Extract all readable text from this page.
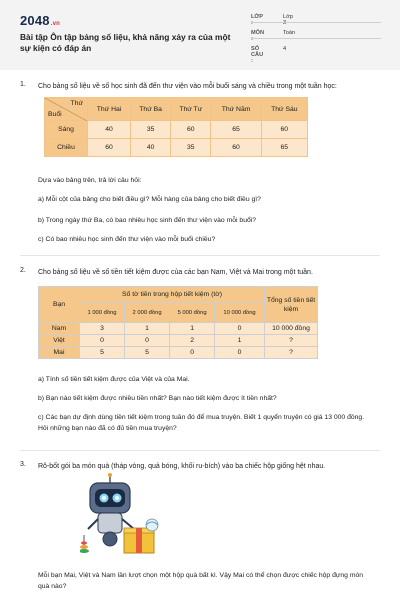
2048.vn
Bài tập Ôn tập bảng số liệu, khả năng xảy ra của một sự kiện có đáp án
LỚP :
Lớp 3
MÔN :
Toán
SỐ CÂU :
4
1. Cho bảng số liệu về số học sinh đã đến thư viện vào mỗi buổi sáng và chiều trong một tuần học:
Thứ
Buổi	Thứ Hai	Thứ Ba	Thứ Tư	Thứ Năm	Thứ Sáu
Sáng	40	35	60	65	60
Chiều	60	40	35	60	65
Dựa vào bảng trên, trả lời câu hỏi:
a) Mỗi cột của bảng cho biết điều gì? Mỗi hàng của bảng cho biết điều gì?
b) Trong ngày thứ Ba, có bao nhiêu học sinh đến thư viện vào mỗi buổi?
c) Có bao nhiêu học sinh đến thư viện vào mỗi buổi chiều?
2. Cho bảng số liệu về số tiền tiết kiệm được của các bạn Nam, Việt và Mai trong một tuần.
Bạn	Số tờ tiền trong hộp tiết kiệm (tờ)				Tổng số tiền tiết kiệm
	1 000 đồng	2 000 đồng	5 000 đồng	10 000 đồng	
Nam	3	1	1	0	10 000 đồng
Việt	0	0	2	1	?
Mai	5	5	0	0	?
a) Tính số tiền tiết kiệm được của Việt và của Mai.
b) Bạn nào tiết kiệm được nhiều tiền nhất? Bạn nào tiết kiệm được ít tiền nhất?
c) Các bạn dự định dùng tiền tiết kiệm trong tuần đó để mua truyện. Biết 1 quyển truyện có giá 13 000 đồng. Hỏi những bạn nào đã có đủ tiền mua truyện?
3. Rô-bốt gói ba món quà (tháp vòng, quả bóng, khối ru-bích) vào ba chiếc hộp giống hệt nhau.
Mỗi bạn Mai, Việt và Nam lần lượt chọn một hộp quà bất kì. Vậy Mai có thể chọn được chiếc hộp đựng món quà nào?
